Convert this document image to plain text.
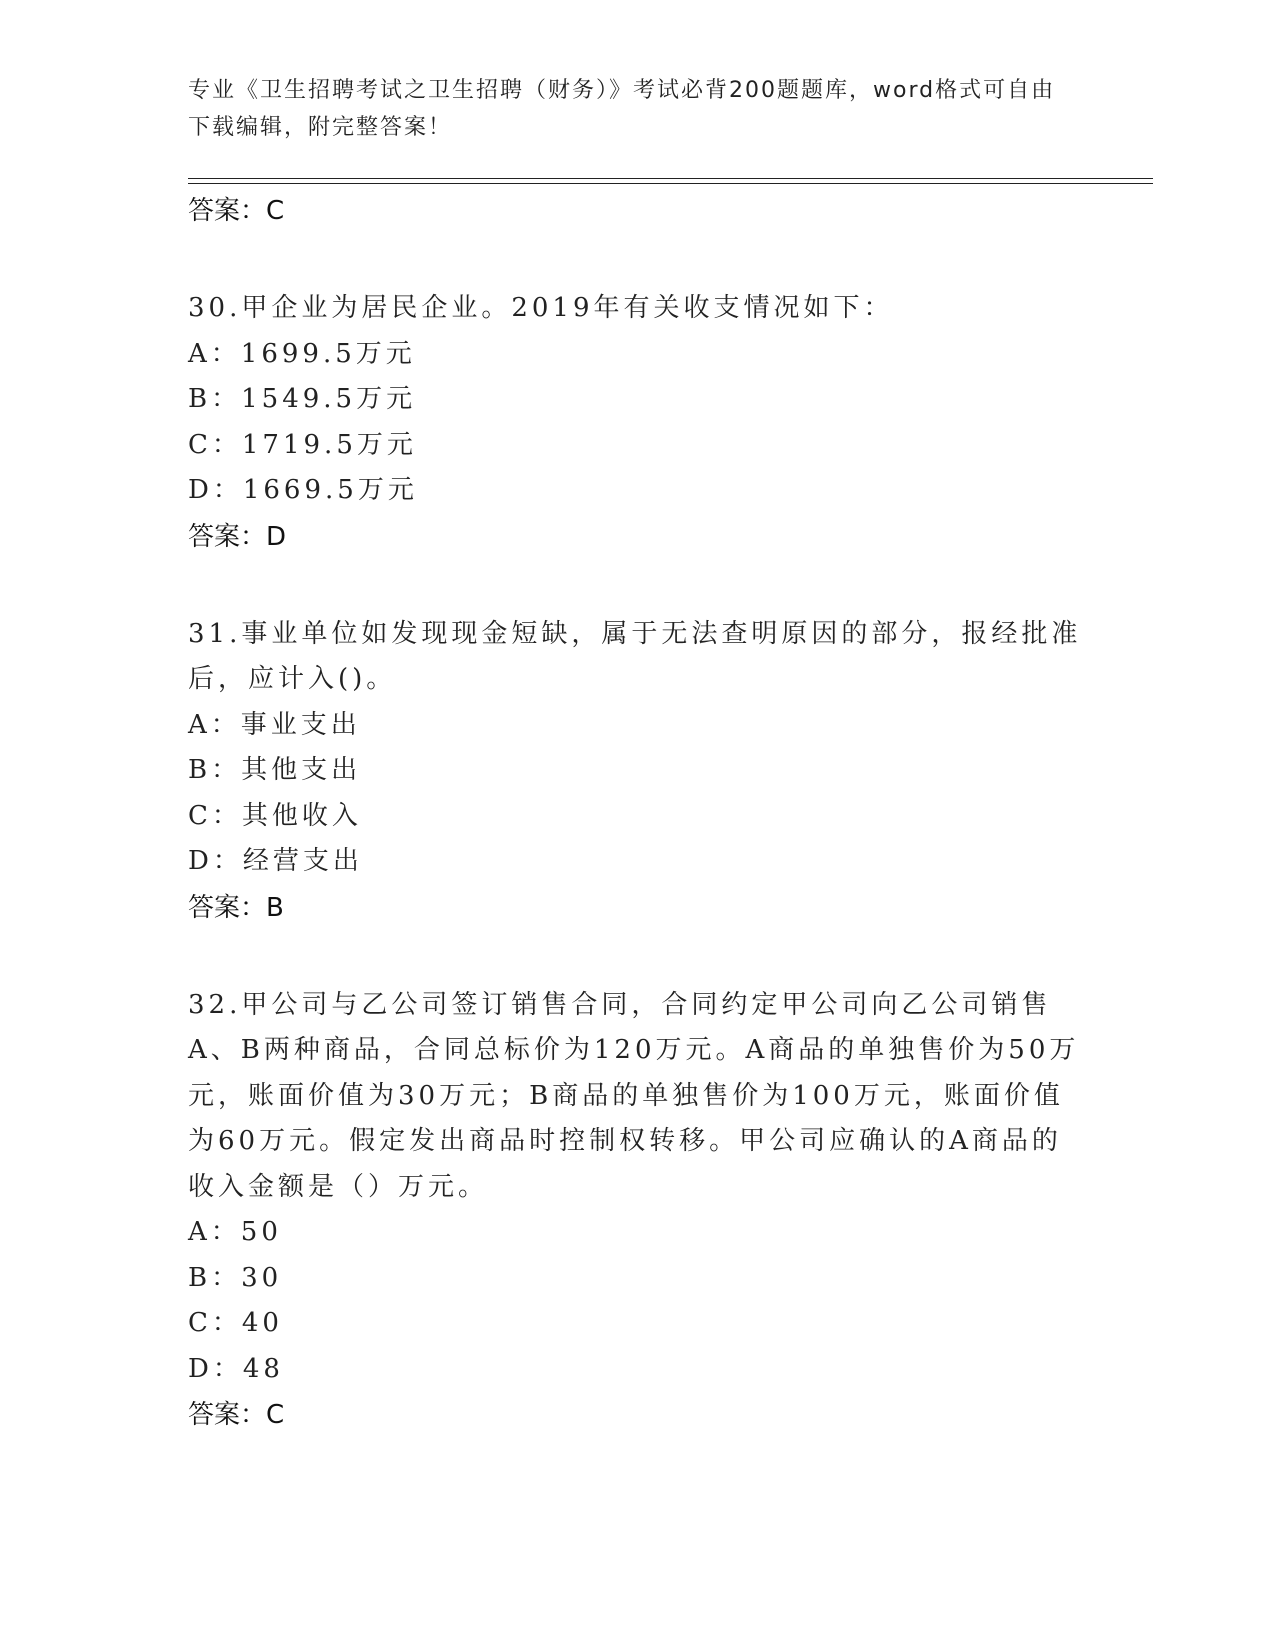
专业《卫生招聘考试之卫生招聘（财务）》考试必背200题题库，word格式可自由下载编辑，附完整答案！
答案：C
30.甲企业为居民企业。2019年有关收支情况如下：
A：1699.5万元
B：1549.5万元
C：1719.5万元
D：1669.5万元
答案：D
31.事业单位如发现现金短缺，属于无法查明原因的部分，报经批准后，应计入()。
A：事业支出
B：其他支出
C：其他收入
D：经营支出
答案：B
32.甲公司与乙公司签订销售合同，合同约定甲公司向乙公司销售A、B两种商品，合同总标价为120万元。A商品的单独售价为50万元，账面价值为30万元；B商品的单独售价为100万元，账面价值为60万元。假定发出商品时控制权转移。甲公司应确认的A商品的收入金额是（）万元。
A：50
B：30
C：40
D：48
答案：C
